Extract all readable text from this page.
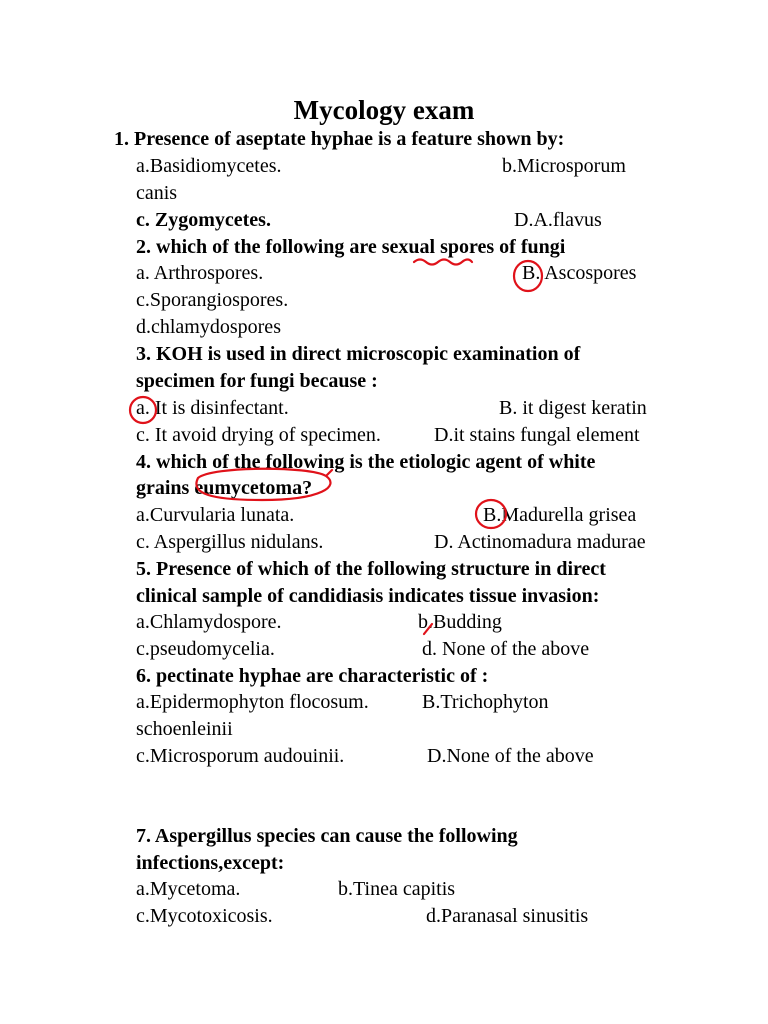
Mycology exam
1. Presence of aseptate hyphae is a feature shown by:

a.Basidiomycetes.

	b.Microsporum

canis

c. Zygomycetes.

	D.A.flavus

2. which of the following are sexual spores of fungi

a. Arthrospores.

	B. Ascospores

c.Sporangiospores.
d.chlamydospores
3. KOH is used in direct microscopic examination of
specimen for fungi because :

a. It is disinfectant.

	B. it digest keratin

c. It avoid drying of specimen.

	D.it stains fungal element

4. which of the following is the etiologic agent of white
grains eumycetoma?

a.Curvularia lunata.

	B.Madurella grisea

c. Aspergillus nidulans.

	D. Actinomadura madurae

5. Presence of which of the following structure in direct
clinical sample of candidiasis indicates tissue invasion:

a.Chlamydospore.

	b.Budding

c.pseudomycelia.

	d. None of the above

6. pectinate hyphae are characteristic of :

a.Epidermophyton flocosum.

	B.Trichophyton

schoenleinii

c.Microsporum audouinii.

	D.None of the above

7. Aspergillus species can cause the following
infections,except:

a.Mycetoma.

	b.Tinea capitis

c.Mycotoxicosis.

	d.Paranasal sinusitis
